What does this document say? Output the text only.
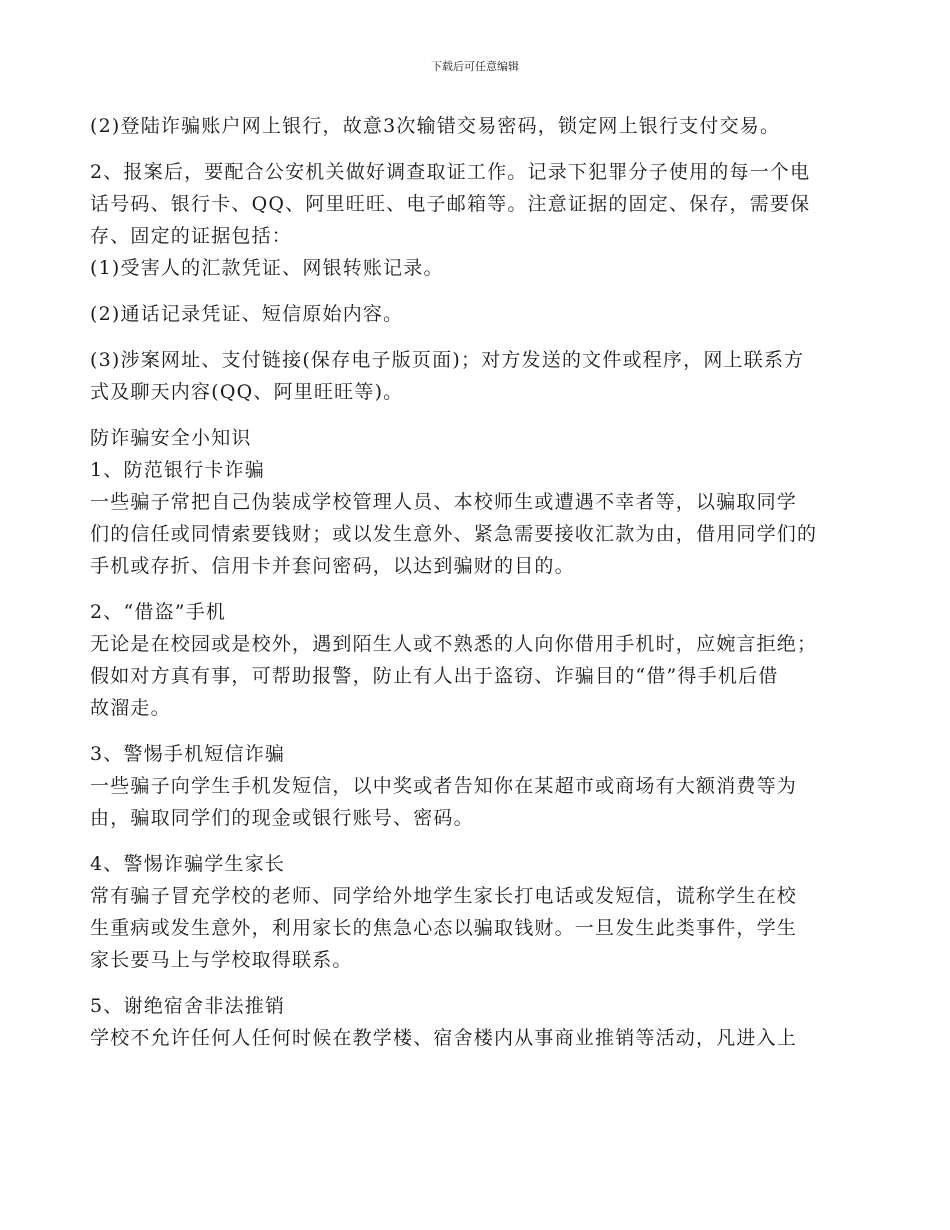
下载后可任意编辑
(2)登陆诈骗账户网上银行，故意3次输错交易密码，锁定网上银行支付交易。
2、报案后，要配合公安机关做好调查取证工作。记录下犯罪分子使用的每一个电
话号码、银行卡、QQ、阿里旺旺、电子邮箱等。注意证据的固定、保存，需要保
存、固定的证据包括：
(1)受害人的汇款凭证、网银转账记录。
(2)通话记录凭证、短信原始内容。
(3)涉案网址、支付链接(保存电子版页面)；对方发送的文件或程序，网上联系方
式及聊天内容(QQ、阿里旺旺等)。
防诈骗安全小知识
1、防范银行卡诈骗
一些骗子常把自己伪装成学校管理人员、本校师生或遭遇不幸者等，以骗取同学
们的信任或同情索要钱财；或以发生意外、紧急需要接收汇款为由，借用同学们的
手机或存折、信用卡并套问密码，以达到骗财的目的。
2、“借盗”手机
无论是在校园或是校外，遇到陌生人或不熟悉的人向你借用手机时，应婉言拒绝；
假如对方真有事，可帮助报警，防止有人出于盗窃、诈骗目的“借”得手机后借
故溜走。
3、警惕手机短信诈骗
一些骗子向学生手机发短信，以中奖或者告知你在某超市或商场有大额消费等为
由，骗取同学们的现金或银行账号、密码。
4、警惕诈骗学生家长
常有骗子冒充学校的老师、同学给外地学生家长打电话或发短信，谎称学生在校
生重病或发生意外，利用家长的焦急心态以骗取钱财。一旦发生此类事件，学生
家长要马上与学校取得联系。
5、谢绝宿舍非法推销
学校不允许任何人任何时候在教学楼、宿舍楼内从事商业推销等活动，凡进入上
